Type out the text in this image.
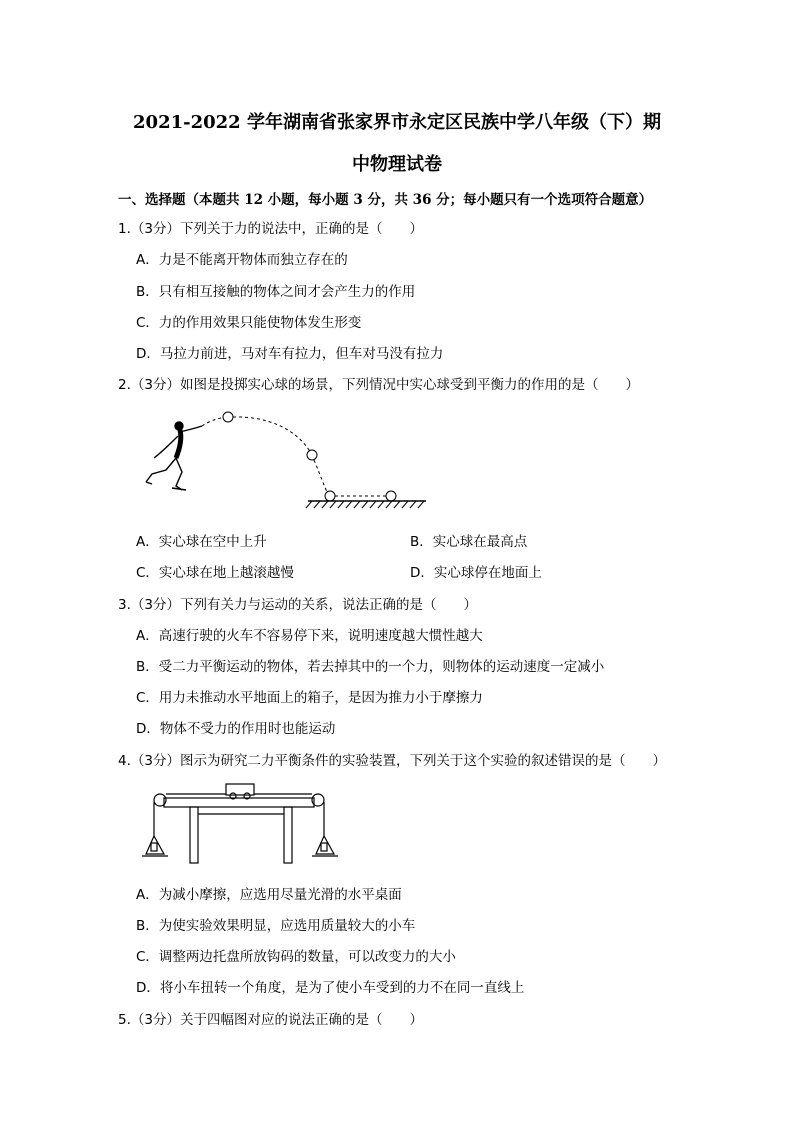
2021-2022 学年湖南省张家界市永定区民族中学八年级（下）期
中物理试卷
一、选择题（本题共 12 小题，每小题 3 分，共 36 分；每小题只有一个选项符合题意）
1.（3分）下列关于力的说法中，正确的是（　　）
A．力是不能离开物体而独立存在的
B．只有相互接触的物体之间才会产生力的作用
C．力的作用效果只能使物体发生形变
D．马拉力前进，马对车有拉力，但车对马没有拉力
2.（3分）如图是投掷实心球的场景，下列情况中实心球受到平衡力的作用的是（　　）
A．实心球在空中上升	B．实心球在最高点
C．实心球在地上越滚越慢	D．实心球停在地面上
3.（3分）下列有关力与运动的关系，说法正确的是（　　）
A．高速行驶的火车不容易停下来，说明速度越大惯性越大
B．受二力平衡运动的物体，若去掉其中的一个力，则物体的运动速度一定减小
C．用力未推动水平地面上的箱子，是因为推力小于摩擦力
D．物体不受力的作用时也能运动
4.（3分）图示为研究二力平衡条件的实验装置，下列关于这个实验的叙述错误的是（　　）
A．为减小摩擦，应选用尽量光滑的水平桌面
B．为使实验效果明显，应选用质量较大的小车
C．调整两边托盘所放钩码的数量，可以改变力的大小
D．将小车扭转一个角度，是为了使小车受到的力不在同一直线上
5.（3分）关于四幅图对应的说法正确的是（　　）
